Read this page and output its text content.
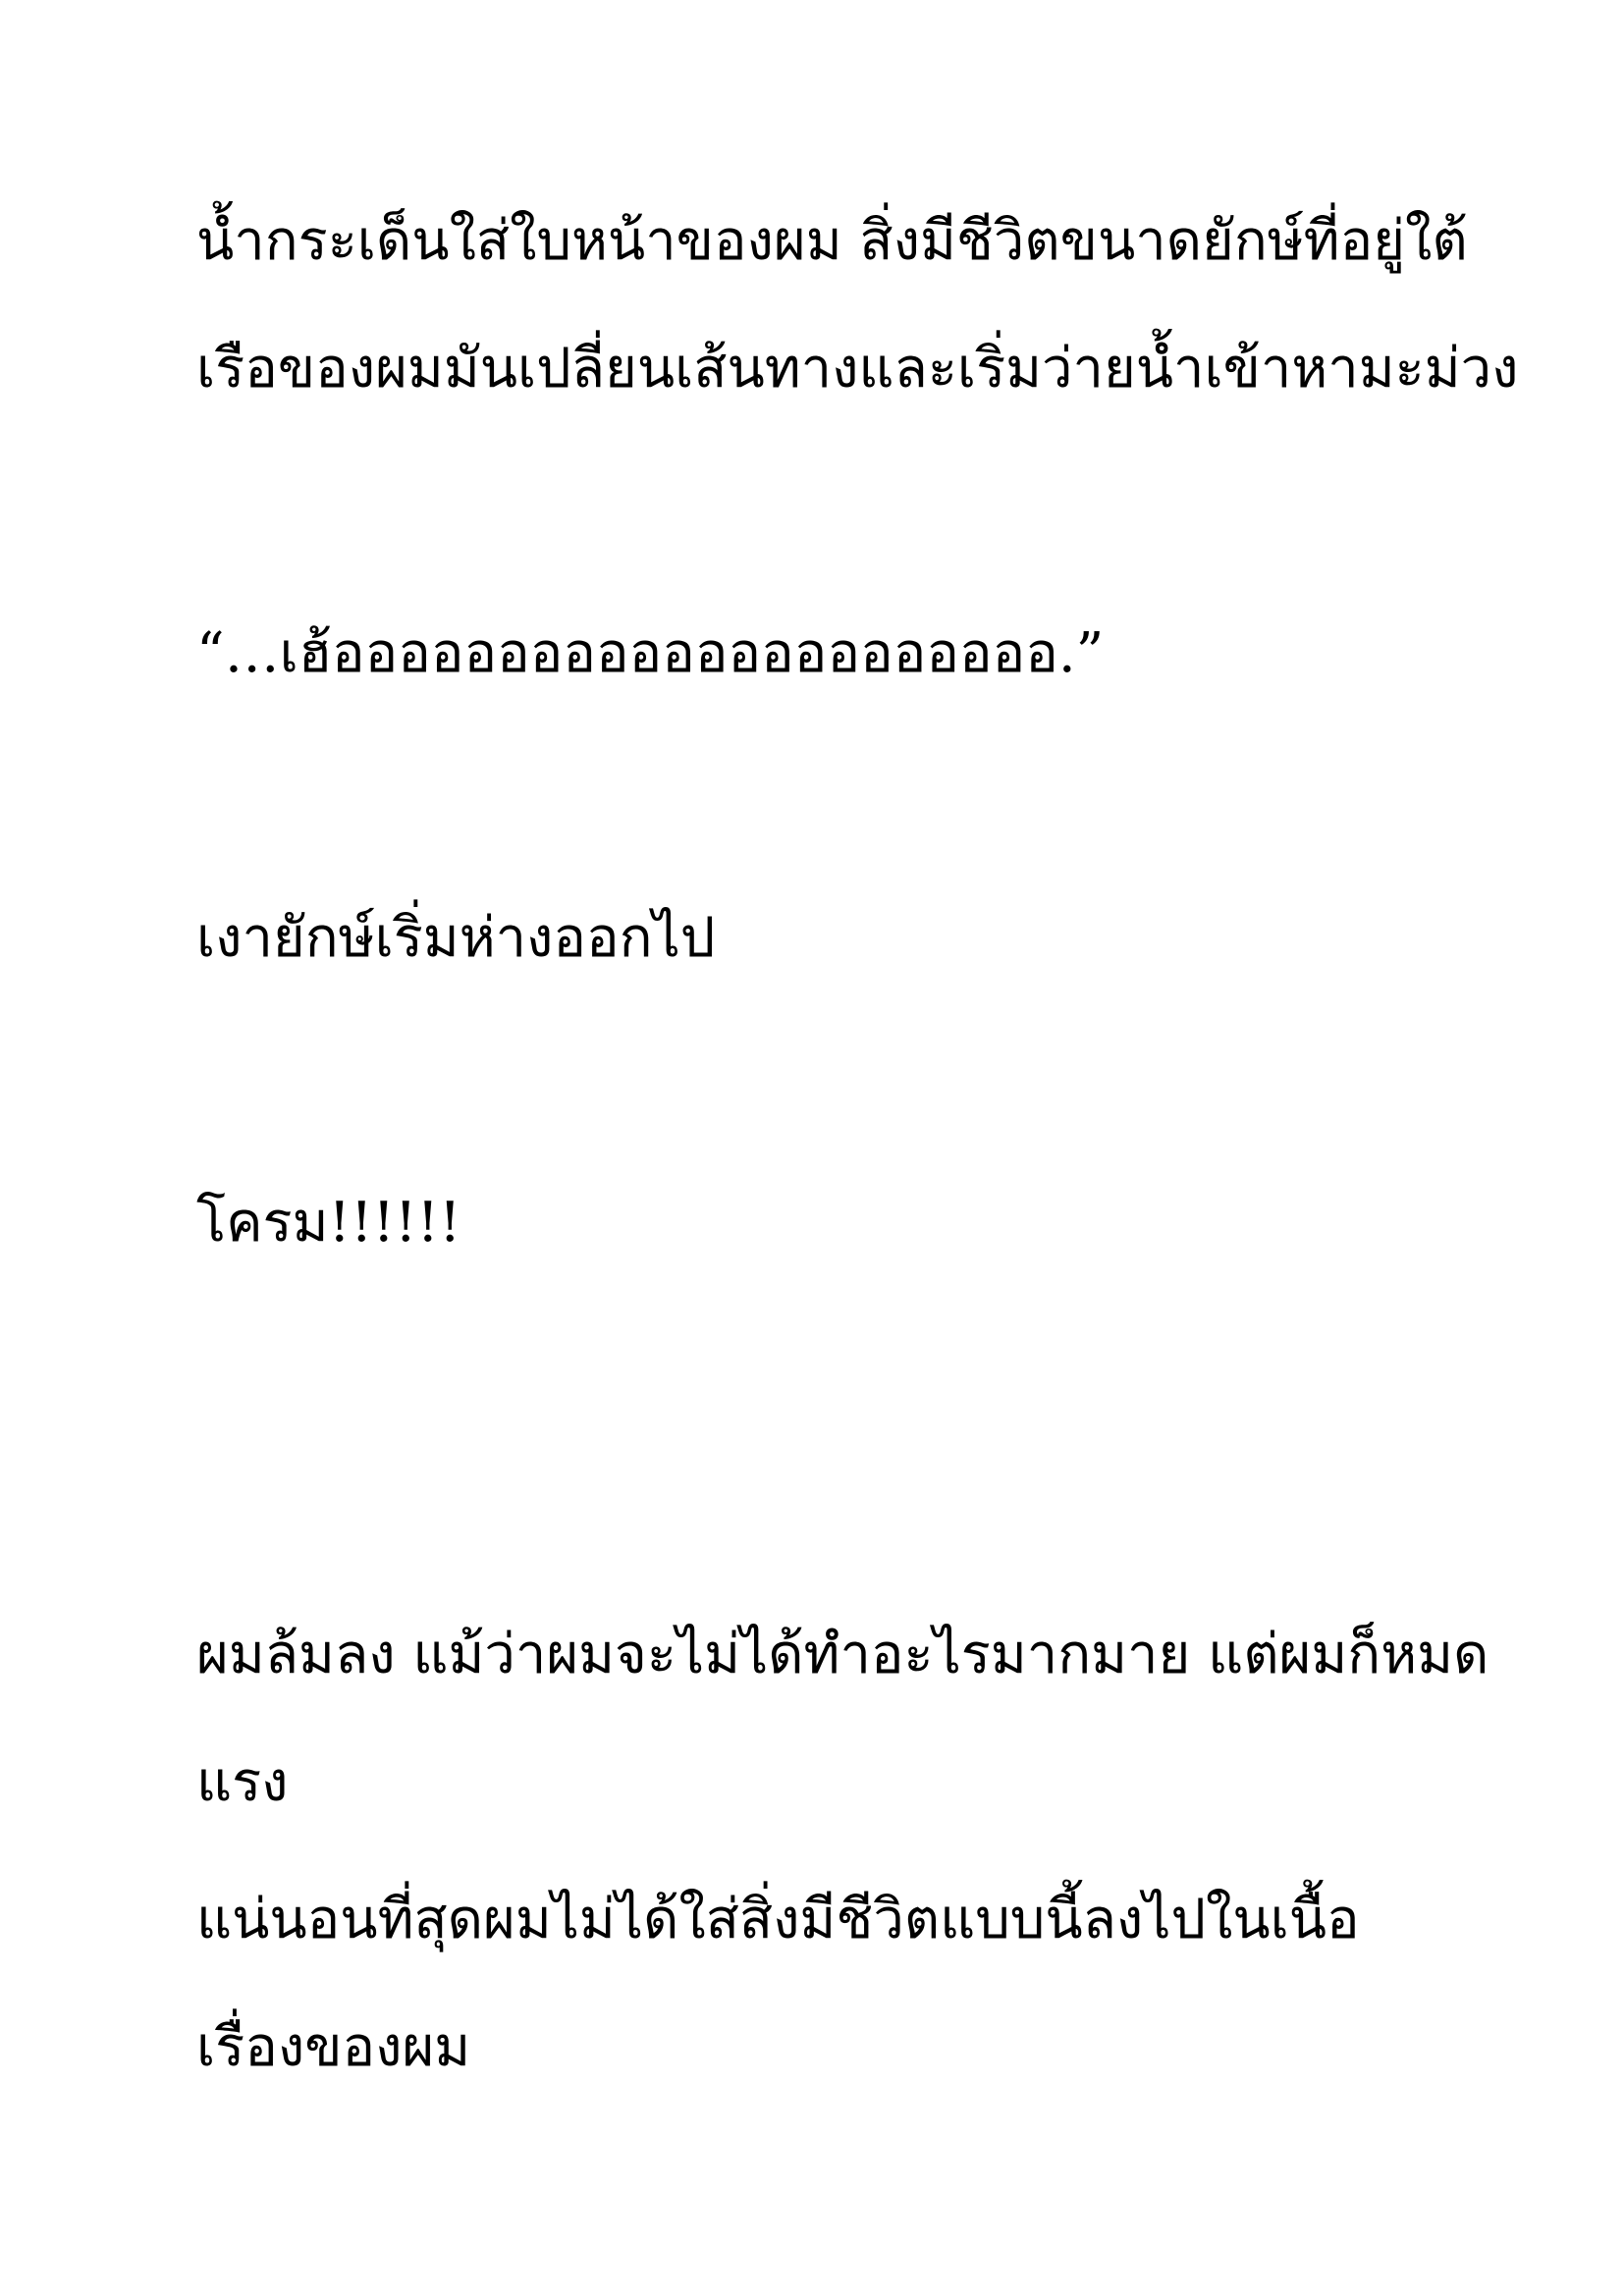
น้ำกระเด็นใส่ใบหน้าของผม สิ่งมีชีวิตขนาดยักษ์ที่อยู่ใต้

เรือของผมมันเปลี่ยนเส้นทางและเริ่มว่ายน้ำเข้าหามะม่วง

“…เฮ้ออออออออออออออออออออออ.”

เงายักษ์เริ่มห่างออกไป

โครม!!!!!!

ผมล้มลง แม้ว่าผมจะไม่ได้ทำอะไรมากมาย แต่ผมก็หมด

แรง

แน่นอนที่สุดผมไม่ได้ใส่สิ่งมีชีวิตแบบนี้ลงไปในเนื้อ

เรื่องของผม
